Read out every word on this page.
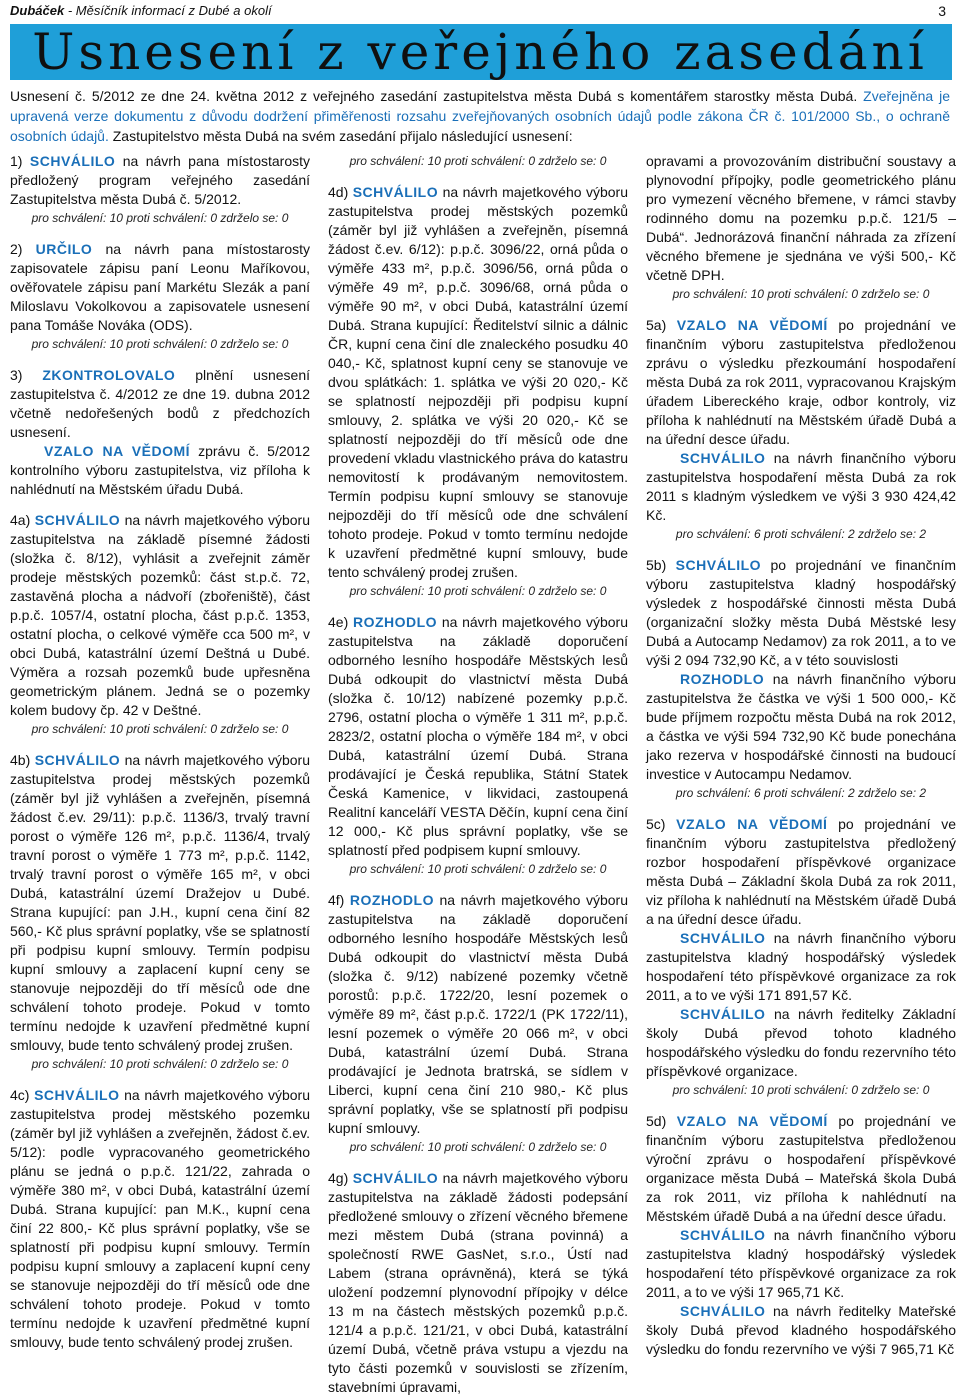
Dubáček - Měsíčník informací z Dubé a okolí	3
Usnesení z veřejného zasedání
Usnesení č. 5/2012 ze dne 24. května 2012 z veřejného zasedání zastupitelstva města Dubá s komentářem starostky města Dubá. Zveřejněna je upravená verze dokumentu z důvodu dodržení přiměřenosti rozsahu zveřejňovaných osobních údajů podle zákona ČR č. 101/2000 Sb., o ochraně osobních údajů. Zastupitelstvo města Dubá na svém zasedání přijalo následující usnesení:

1) SCHVÁLILO na návrh pana místostarosty předložený program veřejného zasedání Zastupitelstva města Dubá č. 5/2012.

pro schválení: 10 proti schválení: 0 zdrželo se: 0

2) URČILO na návrh pana místostarosty zapisovatele zápisu paní Leonu Maříkovou, ověřovatele zápisu paní Markétu Slezák a paní Miloslavu Vokolkovou a zapisovatele usnesení pana Tomáše Nováka (ODS).

pro schválení: 10 proti schválení: 0 zdrželo se: 0

3) ZKONTROLOVALO plnění usnesení zastupitelstva č. 4/2012 ze dne 19. dubna 2012 včetně nedořešených bodů z předchozích usnesení.

VZALO NA VĚDOMÍ zprávu č. 5/2012 kontrolního výboru zastupitelstva, viz příloha k nahlédnutí na Městském úřadu Dubá.

4a) SCHVÁLILO na návrh majetkového výboru zastupitelstva na základě písemné žádosti (složka č. 8/12), vyhlásit a zveřejnit záměr prodeje městských pozemků: část st.p.č. 72, zastavěná plocha a nádvoří (zbořeniště), část p.p.č. 1057/4, ostatní plocha, část p.p.č. 1353, ostatní plocha, o celkové výměře cca 500 m², v obci Dubá, katastrální území Deštná u Dubé. Výměra a rozsah pozemků bude upřesněna geometrickým plánem. Jedná se o pozemky kolem budovy čp. 42 v Deštné.

pro schválení: 10 proti schválení: 0 zdrželo se: 0

4b) SCHVÁLILO na návrh majetkového výboru zastupitelstva prodej městských pozemků (záměr byl již vyhlášen a zveřejněn, písemná žádost č.ev. 29/11): p.p.č. 1136/3, trvalý travní porost o výměře 126 m², p.p.č. 1136/4, trvalý travní porost o výměře 1 773 m², p.p.č. 1142, trvalý travní porost o výměře 165 m², v obci Dubá, katastrální území Dražejov u Dubé. Strana kupující: pan J.H., kupní cena činí 82 560,- Kč plus správní poplatky, vše se splatností při podpisu kupní smlouvy. Termín podpisu kupní smlouvy a zaplacení kupní ceny se stanovuje nejpozději do tří měsíců ode dne schválení tohoto prodeje. Pokud v tomto termínu nedojde k uzavření předmětné kupní smlouvy, bude tento schválený prodej zrušen.

pro schválení: 10 proti schválení: 0 zdrželo se: 0

4c) SCHVÁLILO na návrh majetkového výboru zastupitelstva prodej městského pozemku (záměr byl již vyhlášen a zveřejněn, žádost č.ev. 5/12): podle vypracovaného geometrického plánu se jedná o p.p.č. 121/22, zahrada o výměře 380 m², v obci Dubá, katastrální území Dubá. Strana kupující: pan M.K., kupní cena činí 22 800,- Kč plus správní poplatky, vše se splatností při podpisu kupní smlouvy. Termín podpisu kupní smlouvy a zaplacení kupní ceny se stanovuje nejpozději do tří měsíců ode dne schválení tohoto prodeje. Pokud v tomto termínu nedojde k uzavření předmětné kupní smlouvy, bude tento schválený prodej zrušen.

pro schválení: 10 proti schválení: 0 zdrželo se: 0

4d) SCHVÁLILO na návrh majetkového výboru zastupitelstva prodej městských pozemků (záměr byl již vyhlášen a zveřejněn, písemná žádost č.ev. 6/12): p.p.č. 3096/22, orná půda o výměře 433 m², p.p.č. 3096/56, orná půda o výměře 49 m², p.p.č. 3096/68, orná půda o výměře 90 m², v obci Dubá, katastrální území Dubá. Strana kupující: Ředitelství silnic a dálnic ČR, kupní cena činí dle znaleckého posudku 40 040,- Kč, splatnost kupní ceny se stanovuje ve dvou splátkách: 1. splátka ve výši 20 020,- Kč se splatností nejpozději při podpisu kupní smlouvy, 2. splátka ve výši 20 020,- Kč se splatností nejpozději do tří měsíců ode dne provedení vkladu vlastnického práva do katastru nemovitostí k prodávaným nemovitostem. Termín podpisu kupní smlouvy se stanovuje nejpozději do tří měsíců ode dne schválení tohoto prodeje. Pokud v tomto termínu nedojde k uzavření předmětné kupní smlouvy, bude tento schválený prodej zrušen.

pro schválení: 10 proti schválení: 0 zdrželo se: 0

4e) ROZHODLO na návrh majetkového výboru zastupitelstva na základě doporučení odborného lesního hospodáře Městských lesů Dubá odkoupit do vlastnictví města Dubá (složka č. 10/12) nabízené pozemky p.p.č. 2796, ostatní plocha o výměře 1 311 m², p.p.č. 2823/2, ostatní plocha o výměře 184 m², v obci Dubá, katastrální území Dubá. Strana prodávající je Česká republika, Státní Statek Česká Kamenice, v likvidaci, zastoupená Realitní kanceláří VESTA Děčín, kupní cena činí 12 000,- Kč plus správní poplatky, vše se splatností před podpisem kupní smlouvy.

pro schválení: 10 proti schválení: 0 zdrželo se: 0

4f) ROZHODLO na návrh majetkového výboru zastupitelstva na základě doporučení odborného lesního hospodáře Městských lesů Dubá odkoupit do vlastnictví města Dubá (složka č. 9/12) nabízené pozemky včetně porostů: p.p.č. 1722/20, lesní pozemek o výměře 89 m², část p.p.č. 1722/1 (PK 1722/11), lesní pozemek o výměře 20 066 m², v obci Dubá, katastrální území Dubá. Strana prodávající je Jednota bratrská, se sídlem v Liberci, kupní cena činí 210 980,- Kč plus správní poplatky, vše se splatností při podpisu kupní smlouvy.

pro schválení: 10 proti schválení: 0 zdrželo se: 0

4g) SCHVÁLILO na návrh majetkového výboru zastupitelstva na základě žádosti podepsání předložené smlouvy o zřízení věcného břemene mezi městem Dubá (strana povinná) a společností RWE GasNet, s.r.o., Ústí nad Labem (strana oprávněná), která se týká uložení podzemní plynovodní přípojky v délce 13 m na částech městských pozemků p.p.č. 121/4 a p.p.č. 121/21, v obci Dubá, katastrální území Dubá, včetně práva vstupu a vjezdu na tyto části pozemků v souvislosti se zřízením, stavebními úpravami,

opravami a provozováním distribuční soustavy a plynovodní přípojky, podle geometrického plánu pro vymezení věcného břemene, v rámci stavby rodinného domu na pozemku p.p.č. 121/5 – Dubá“. Jednorázová finanční náhrada za zřízení věcného břemene je sjednána ve výši 500,- Kč včetně DPH.

pro schválení: 10 proti schválení: 0 zdrželo se: 0

5a) VZALO NA VĚDOMÍ po projednání ve finančním výboru zastupitelstva předloženou zprávu o výsledku přezkoumání hospodaření města Dubá za rok 2011, vypracovanou Krajským úřadem Libereckého kraje, odbor kontroly, viz příloha k nahlédnutí na Městském úřadě Dubá a na úřední desce úřadu.

SCHVÁLILO na návrh finančního výboru zastupitelstva hospodaření města Dubá za rok 2011 s kladným výsledkem ve výši 3 930 424,42 Kč.

pro schválení: 6 proti schválení: 2 zdrželo se: 2

5b) SCHVÁLILO po projednání ve finančním výboru zastupitelstva kladný hospodářský výsledek z hospodářské činnosti města Dubá (organizační složky města Dubá Městské lesy Dubá a Autocamp Nedamov) za rok 2011, a to ve výši 2 094 732,90 Kč, a v této souvislosti

ROZHODLO na návrh finančního výboru zastupitelstva že částka ve výši 1 500 000,- Kč bude příjmem rozpočtu města Dubá na rok 2012, a částka ve výši 594 732,90 Kč bude ponechána jako rezerva v hospodářské činnosti na budoucí investice v Autocampu Nedamov.

pro schválení: 6 proti schválení: 2 zdrželo se: 2

5c) VZALO NA VĚDOMÍ po projednání ve finančním výboru zastupitelstva předložený rozbor hospodaření příspěvkové organizace města Dubá – Základní škola Dubá za rok 2011, viz příloha k nahlédnutí na Městském úřadě Dubá a na úřední desce úřadu.

SCHVÁLILO na návrh finančního výboru zastupitelstva kladný hospodářský výsledek hospodaření této příspěvkové organizace za rok 2011, a to ve výši 171 891,57 Kč.

SCHVÁLILO na návrh ředitelky Základní školy Dubá převod tohoto kladného hospodářského výsledku do fondu rezervního této příspěvkové organizace.

pro schválení: 10 proti schválení: 0 zdrželo se: 0

5d) VZALO NA VĚDOMÍ po projednání ve finančním výboru zastupitelstva předloženou výroční zprávu o hospodaření příspěvkové organizace města Dubá – Mateřská škola Dubá za rok 2011, viz příloha k nahlédnutí na Městském úřadě Dubá a na úřední desce úřadu.

SCHVÁLILO na návrh finančního výboru zastupitelstva kladný hospodářský výsledek hospodaření této příspěvkové organizace za rok 2011, a to ve výši 17 965,71 Kč.

SCHVÁLILO na návrh ředitelky Mateřské školy Dubá převod kladného hospodářského výsledku do fondu rezervního ve výši 7 965,71 Kč
